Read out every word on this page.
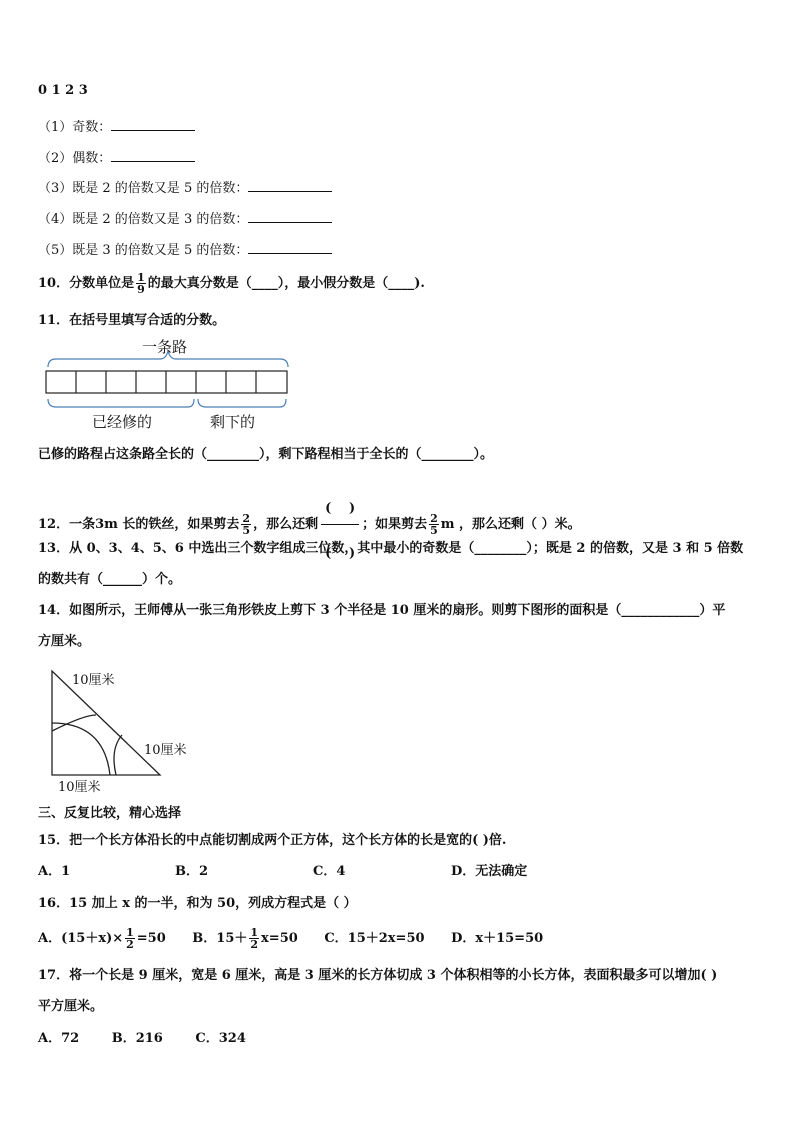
0 1 2 3
（1）奇数：
（2）偶数：
（3）既是 2 的倍数又是 5 的倍数：
（4）既是 2 的倍数又是 3 的倍数：
（5）既是 3 的倍数又是 5 的倍数：
10．分数单位是 $\frac{1}{9}$ 的最大真分数是（____），最小假分数是（____).
11．在括号里填写合适的分数。
一条路
已经修的	剩下的
已修的路程占这条路全长的（________），剩下路程相当于全长的（________）。
12．一条3m 长的铁丝，如果剪去 $\frac{2}{5}$ ，那么还剩
( )
( )	；如果剪去 $\frac{2}{5}$ m ，那么还剩（ ）米。
13．从 0、3、4、5、6 中选出三个数字组成三位数，其中最小的奇数是（________）；既是 2 的倍数，又是 3 和 5 倍数
的数共有（______）个。
14．如图所示，王师傅从一张三角形铁皮上剪下 3 个半径是 10 厘米的扇形。则剪下图形的面积是（____________）平
方厘米。
10厘米
10厘米
10厘米
三、反复比较，精心选择
15．把一个长方体沿长的中点能切割成两个正方体，这个长方体的长是宽的( )倍.
A．1	B．2	C．4	D．无法确定
16．15 加上 x 的一半，和为 50，列成方程式是（ ）
A．$(15+x)\times \frac{1}{2} =50$ B．$15+ \frac{1}{2} x=50$ C．15＋2x=50 D．x＋15=50
17．将一个长是 9 厘米，宽是 6 厘米，高是 3 厘米的长方体切成 3 个体积相等的小长方体，表面积最多可以增加( )
平方厘米。
A．72	B．216	C．324
